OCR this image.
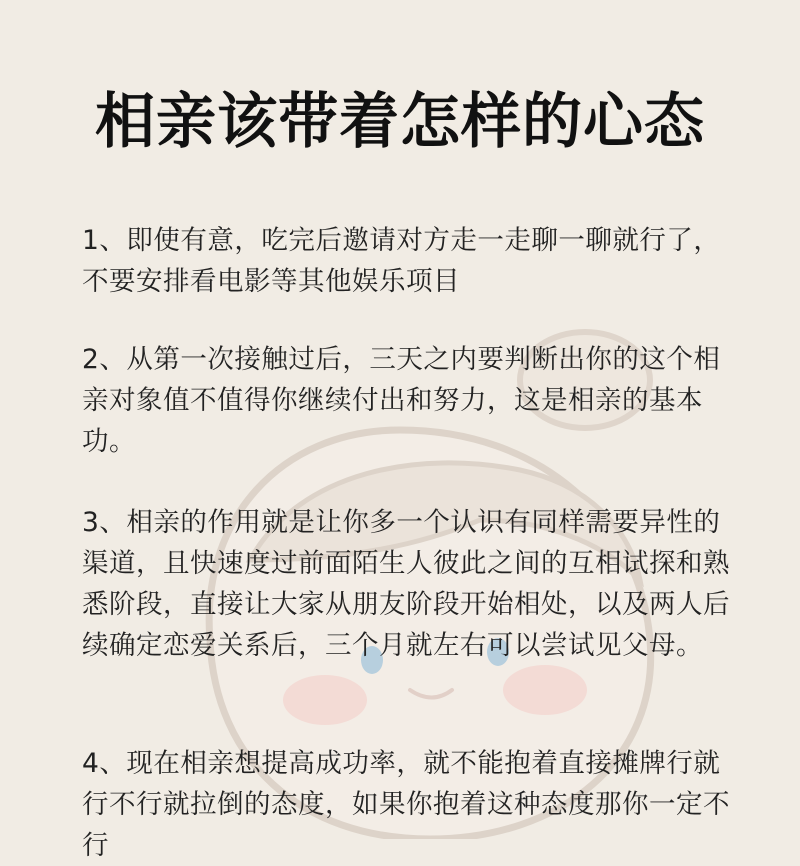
相亲该带着怎样的心态

1、即使有意，吃完后邀请对方走一走聊一聊就行了，不要安排看电影等其他娱乐项目

2、从第一次接触过后，三天之内要判断出你的这个相亲对象值不值得你继续付出和努力，这是相亲的基本功。

3、相亲的作用就是让你多一个认识有同样需要异性的渠道，且快速度过前面陌生人彼此之间的互相试探和熟悉阶段，直接让大家从朋友阶段开始相处，以及两人后续确定恋爱关系后，三个月就左右可以尝试见父母。

4、现在相亲想提高成功率，就不能抱着直接摊牌行就行不行就拉倒的态度，如果你抱着这种态度那你一定不行
